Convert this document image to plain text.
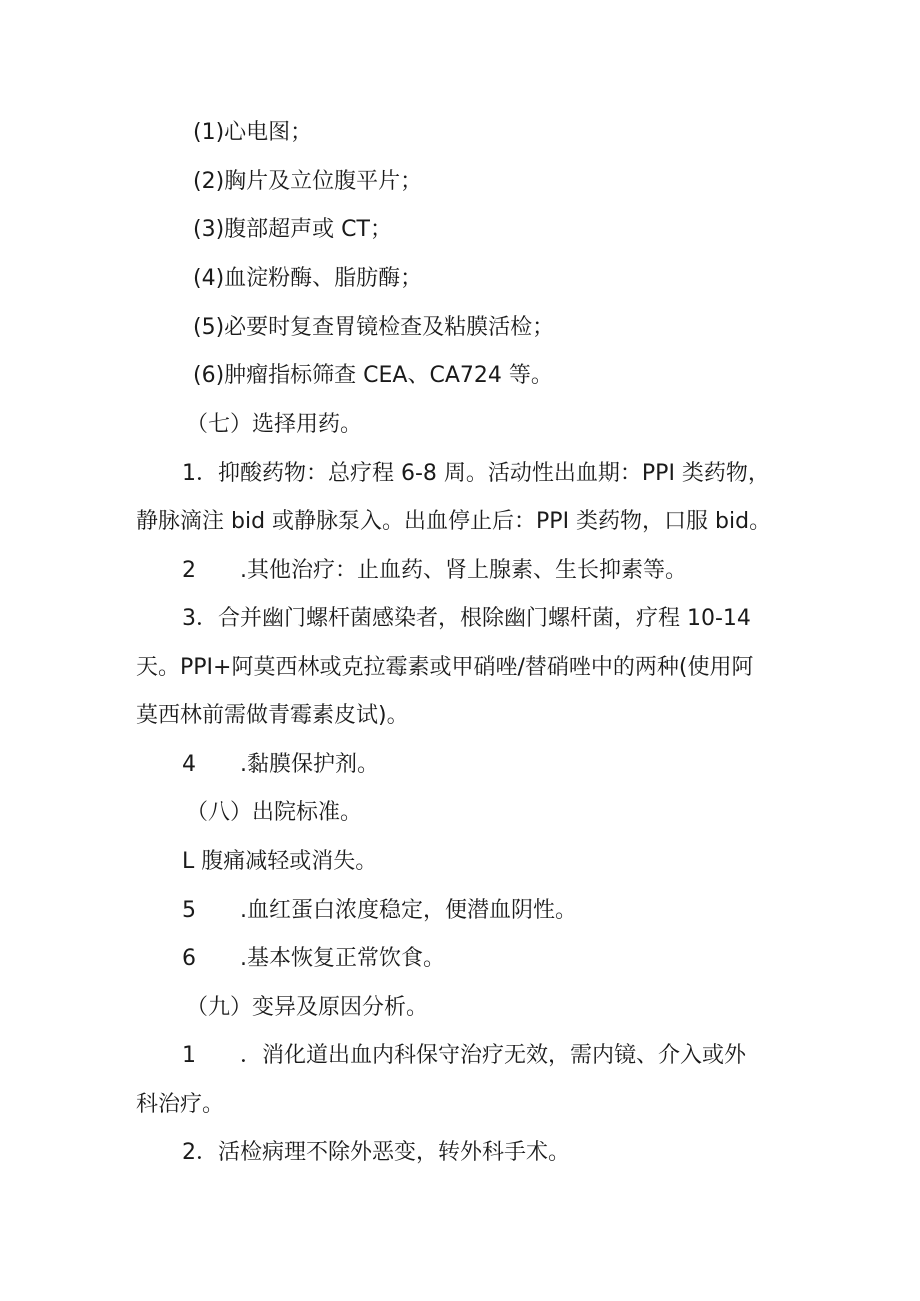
(1)心电图；
(2)胸片及立位腹平片；
(3)腹部超声或 CT；
(4)血淀粉酶、脂肪酶；
(5)必要时复查胃镜检查及粘膜活检；
(6)肿瘤指标筛查 CEA、CA724 等。
（七）选择用药。
1．抑酸药物：总疗程 6-8 周。活动性出血期：PPI 类药物，
静脉滴注 bid 或静脉泵入。出血停止后：PPI 类药物，口服 bid。
2 .其他治疗：止血药、肾上腺素、生长抑素等。
3．合并幽门螺杆菌感染者，根除幽门螺杆菌，疗程 10-14
天。PPI+阿莫西林或克拉霉素或甲硝唑/替硝唑中的两种(使用阿
莫西林前需做青霉素皮试)。
4 .黏膜保护剂。
（八）出院标准。
L 腹痛减轻或消失。
5 .血红蛋白浓度稳定，便潜血阴性。
6 .基本恢复正常饮食。
（九）变异及原因分析。
1 ．消化道出血内科保守治疗无效，需内镜、介入或外
科治疗。
2．活检病理不除外恶变，转外科手术。
